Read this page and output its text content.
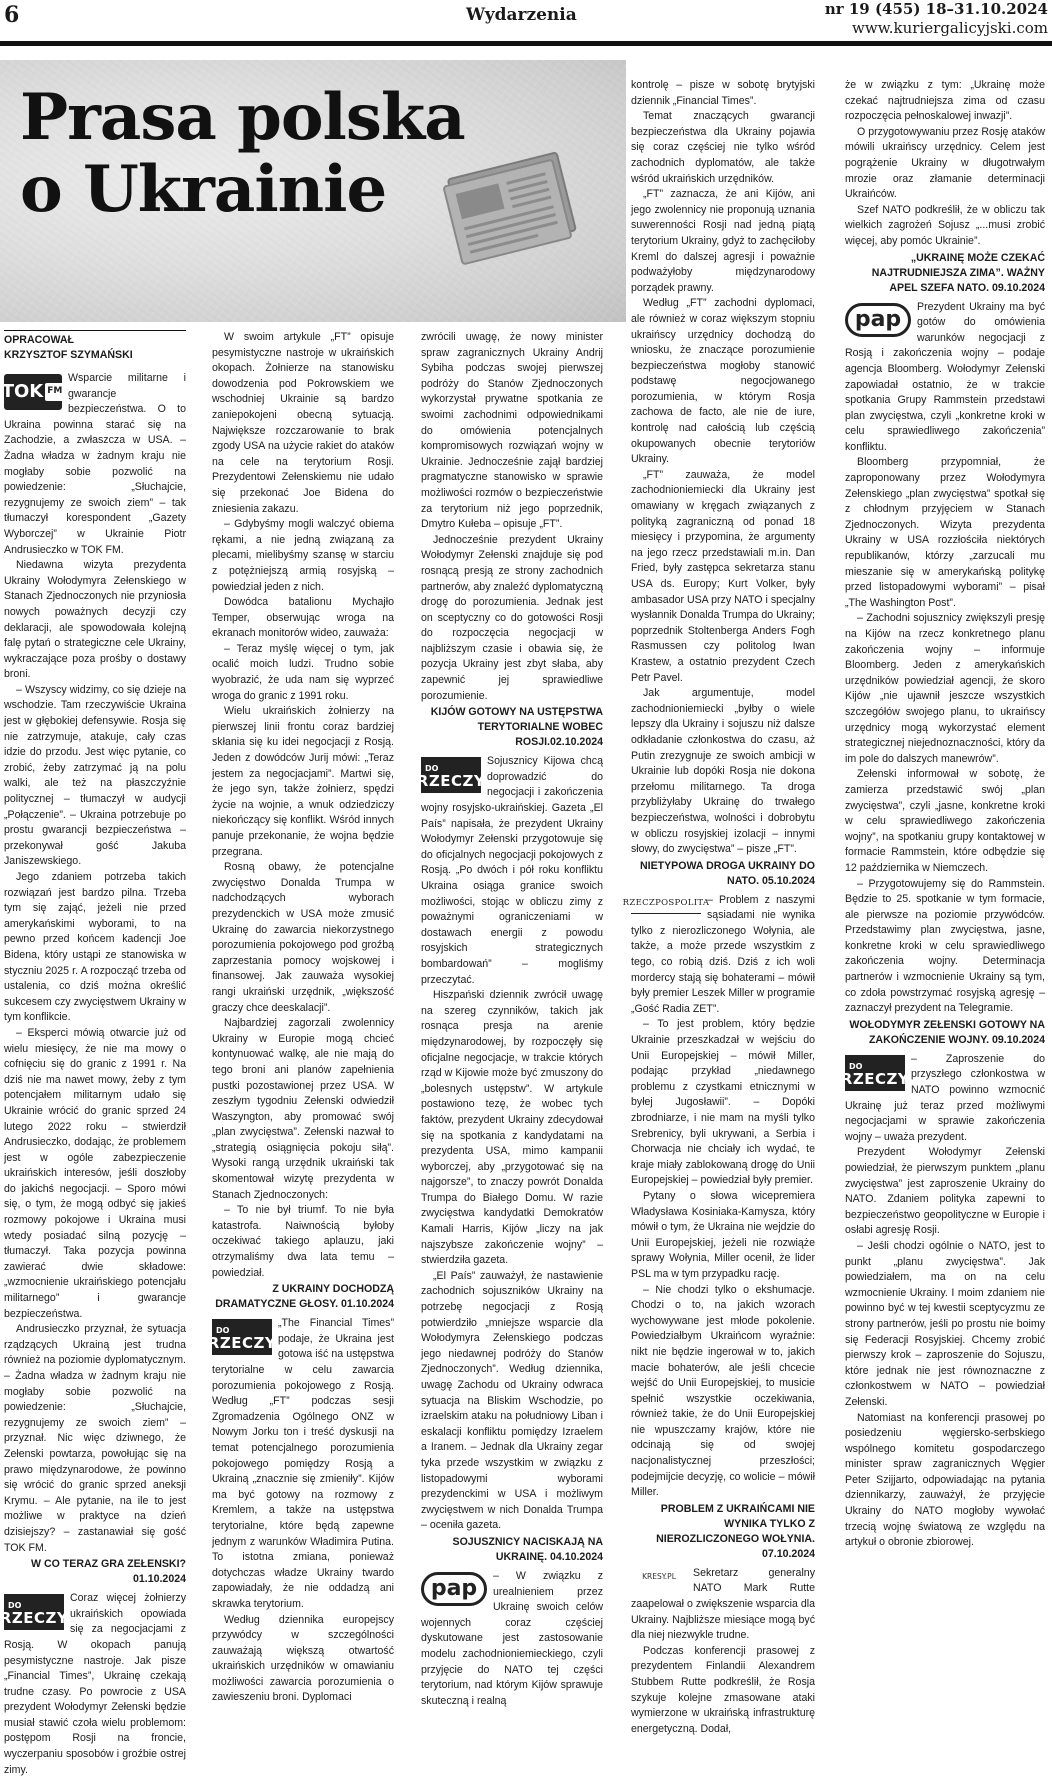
6	Wydarzenia	nr 19 (455) 18–31.10.2024
www.kuriergalicyjski.com
Prasa polska
o Ukrainie
OPRACOWAŁ
KRZYSZTOF SZYMAŃSKI
TOK FM

Wsparcie militarne i gwarancje bezpieczeństwa. O to Ukraina powinna starać się na Zachodzie, a zwłaszcza w USA. – Żadna władza w żadnym kraju nie mogłaby sobie pozwolić na powiedzenie: „Słuchajcie, rezygnujemy ze swoich ziem” – tak tłumaczył korespondent „Gazety Wyborczej” w Ukrainie Piotr Andrusieczko w TOK FM.

Niedawna wizyta prezydenta Ukrainy Wołodymyra Zełenskiego w Stanach Zjednoczonych nie przyniosła nowych poważnych decyzji czy deklaracji, ale spowodowała kolejną falę pytań o strategiczne cele Ukrainy, wykraczające poza prośby o dostawy broni.

– Wszyscy widzimy, co się dzieje na wschodzie. Tam rzeczywiście Ukraina jest w głębokiej defensywie. Rosja się nie zatrzymuje, atakuje, cały czas idzie do przodu. Jest więc pytanie, co zrobić, żeby zatrzymać ją na polu walki, ale też na płaszczyźnie politycznej – tłumaczył w audycji „Połączenie”. – Ukraina potrzebuje po prostu gwarancji bezpieczeństwa – przekonywał gość Jakuba Janiszewskiego.

Jego zdaniem potrzeba takich rozwiązań jest bardzo pilna. Trzeba tym się zająć, jeżeli nie przed amerykańskimi wyborami, to na pewno przed końcem kadencji Joe Bidena, który ustąpi ze stanowiska w styczniu 2025 r. A rozpocząć trzeba od ustalenia, co dziś można określić sukcesem czy zwycięstwem Ukrainy w tym konflikcie.

– Eksperci mówią otwarcie już od wielu miesięcy, że nie ma mowy o cofnięciu się do granic z 1991 r. Na dziś nie ma nawet mowy, żeby z tym potencjałem militarnym udało się Ukrainie wrócić do granic sprzed 24 lutego 2022 roku – stwierdził Andrusieczko, dodając, że problemem jest w ogóle zabezpieczenie ukraińskich interesów, jeśli doszłoby do jakichś negocjacji. – Sporo mówi się, o tym, że mogą odbyć się jakieś rozmowy pokojowe i Ukraina musi wtedy posiadać silną pozycję – tłumaczył. Taka pozycja powinna zawierać dwie składowe: „wzmocnienie ukraińskiego potencjału militarnego” i gwarancje bezpieczeństwa.

Andrusieczko przyznał, że sytuacja rządzących Ukrainą jest trudna również na poziomie dyplomatycznym. – Żadna władza w żadnym kraju nie mogłaby sobie pozwolić na powiedzenie: „Słuchajcie, rezygnujemy ze swoich ziem” – przyznał. Nic więc dziwnego, że Zełenski powtarza, powołując się na prawo międzynarodowe, że powinno się wrócić do granic sprzed aneksji Krymu. – Ale pytanie, na ile to jest możliwe w praktyce na dzień dzisiejszy? – zastanawiał się gość TOK FM.

W CO TERAZ GRA ZEŁENSKI? 01.10.2024
DO
RZECZY

Coraz więcej żołnierzy ukraińskich opowiada się za negocjacjami z Rosją. W okopach panują pesymistyczne nastroje. Jak pisze „Financial Times”, Ukrainę czekają trudne czasy. Po powrocie z USA prezydent Wołodymyr Zełenski będzie musiał stawić czoła wielu problemom: postępom Rosji na froncie, wyczerpaniu sposobów i groźbie ostrej zimy.

W swoim artykule „FT” opisuje pesymistyczne nastroje w ukraińskich okopach. Żołnierze na stanowisku dowodzenia pod Pokrowskiem we wschodniej Ukrainie są bardzo zaniepokojeni obecną sytuacją. Największe rozczarowanie to brak zgody USA na użycie rakiet do ataków na cele na terytorium Rosji. Prezydentowi Zełenskiemu nie udało się przekonać Joe Bidena do zniesienia zakazu.

– Gdybyśmy mogli walczyć obiema rękami, a nie jedną związaną za plecami, mielibyśmy szansę w starciu z potężniejszą armią rosyjską – powiedział jeden z nich.

Dowódca batalionu Mychajło Temper, obserwując wroga na ekranach monitorów wideo, zauważa:

– Teraz myślę więcej o tym, jak ocalić moich ludzi. Trudno sobie wyobrazić, że uda nam się wyprzeć wroga do granic z 1991 roku.

Wielu ukraińskich żołnierzy na pierwszej linii frontu coraz bardziej skłania się ku idei negocjacji z Rosją. Jeden z dowódców Jurij mówi: „Teraz jestem za negocjacjami”. Martwi się, że jego syn, także żołnierz, spędzi życie na wojnie, a wnuk odziedziczy niekończący się konflikt. Wśród innych panuje przekonanie, że wojna będzie przegrana.

Rosną obawy, że potencjalne zwycięstwo Donalda Trumpa w nadchodzących wyborach prezydenckich w USA może zmusić Ukrainę do zawarcia niekorzystnego porozumienia pokojowego pod groźbą zaprzestania pomocy wojskowej i finansowej. Jak zauważa wysokiej rangi ukraiński urzędnik, „większość graczy chce deeskalacji”.

Najbardziej zagorzali zwolennicy Ukrainy w Europie mogą chcieć kontynuować walkę, ale nie mają do tego broni ani planów zapełnienia pustki pozostawionej przez USA. W zeszłym tygodniu Zełenski odwiedził Waszyngton, aby promować swój „plan zwycięstwa”. Zełenski nazwał to „strategią osiągnięcia pokoju siłą”. Wysoki rangą urzędnik ukraiński tak skomentował wizytę prezydenta w Stanach Zjednoczonych:

– To nie był triumf. To nie była katastrofa. Naiwnością byłoby oczekiwać takiego aplauzu, jaki otrzymaliśmy dwa lata temu – powiedział.

Z UKRAINY DOCHODZĄ DRAMATYCZNE GŁOSY. 01.10.2024
DO
RZECZY

„The Financial Times” podaje, że Ukraina jest gotowa iść na ustępstwa terytorialne w celu zawarcia porozumienia pokojowego z Rosją. Według „FT” podczas sesji Zgromadzenia Ogólnego ONZ w Nowym Jorku ton i treść dyskusji na temat potencjalnego porozumienia pokojowego pomiędzy Rosją a Ukrainą „znacznie się zmieniły”. Kijów ma być gotowy na rozmowy z Kremlem, a także na ustępstwa terytorialne, które będą zapewne jednym z warunków Władimira Putina. To istotna zmiana, ponieważ dotychczas władze Ukrainy twardo zapowiadały, że nie oddadzą ani skrawka terytorium.

Według dziennika europejscy przywódcy w szczególności zauważają większą otwartość ukraińskich urzędników w omawianiu możliwości zawarcia porozumienia o zawieszeniu broni. Dyplomaci

zwrócili uwagę, że nowy minister spraw zagranicznych Ukrainy Andrij Sybiha podczas swojej pierwszej podróży do Stanów Zjednoczonych wykorzystał prywatne spotkania ze swoimi zachodnimi odpowiednikami do omówienia potencjalnych kompromisowych rozwiązań wojny w Ukrainie. Jednocześnie zajął bardziej pragmatyczne stanowisko w sprawie możliwości rozmów o bezpieczeństwie za terytorium niż jego poprzednik, Dmytro Kułeba – opisuje „FT”.

Jednocześnie prezydent Ukrainy Wołodymyr Zełenski znajduje się pod rosnącą presją ze strony zachodnich partnerów, aby znaleźć dyplomatyczną drogę do porozumienia. Jednak jest on sceptyczny co do gotowości Rosji do rozpoczęcia negocjacji w najbliższym czasie i obawia się, że pozycja Ukrainy jest zbyt słaba, aby zapewnić jej sprawiedliwe porozumienie.

KIJÓW GOTOWY NA USTĘPSTWA TERYTORIALNE WOBEC ROSJI.02.10.2024
DO
RZECZY

Sojusznicy Kijowa chcą doprowadzić do negocjacji i zakończenia wojny rosyjsko-ukraińskiej. Gazeta „El País” napisała, że prezydent Ukrainy Wołodymyr Zełenski przygotowuje się do oficjalnych negocjacji pokojowych z Rosją. „Po dwóch i pół roku konfliktu Ukraina osiąga granice swoich możliwości, stojąc w obliczu zimy z poważnymi ograniczeniami w dostawach energii z powodu rosyjskich strategicznych bombardowań” – mogliśmy przeczytać.

Hiszpański dziennik zwrócił uwagę na szereg czynników, takich jak rosnąca presja na arenie międzynarodowej, by rozpoczęły się oficjalne negocjacje, w trakcie których rząd w Kijowie może być zmuszony do „bolesnych ustępstw”. W artykule postawiono tezę, że wobec tych faktów, prezydent Ukrainy zdecydował się na spotkania z kandydatami na prezydenta USA, mimo kampanii wyborczej, aby „przygotować się na najgorsze”, to znaczy powrót Donalda Trumpa do Białego Domu. W razie zwycięstwa kandydatki Demokratów Kamali Harris, Kijów „liczy na jak najszybsze zakończenie wojny” – stwierdziła gazeta.

„El País” zauważył, że nastawienie zachodnich sojuszników Ukrainy na potrzebę negocjacji z Rosją potwierdziło „mniejsze wsparcie dla Wołodymyra Zełenskiego podczas jego niedawnej podróży do Stanów Zjednoczonych”. Według dziennika, uwagę Zachodu od Ukrainy odwraca sytuacja na Bliskim Wschodzie, po izraelskim ataku na południowy Liban i eskalacji konfliktu pomiędzy Izraelem a Iranem. – Jednak dla Ukrainy zegar tyka przede wszystkim w związku z listopadowymi wyborami prezydenckimi w USA i możliwym zwycięstwem w nich Donalda Trumpa – oceniła gazeta.

SOJUSZNICY NACISKAJĄ NA UKRAINĘ. 04.10.2024
pap

– W związku z urealnieniem przez Ukrainę swoich celów wojennych coraz częściej dyskutowane jest zastosowanie modelu zachodnioniemieckiego, czyli przyjęcie do NATO tej części terytorium, nad którym Kijów sprawuje skuteczną i realną

kontrolę – pisze w sobotę brytyjski dziennik „Financial Times”.

Temat znaczących gwarancji bezpieczeństwa dla Ukrainy pojawia się coraz częściej nie tylko wśród zachodnich dyplomatów, ale także wśród ukraińskich urzędników.

„FT” zaznacza, że ani Kijów, ani jego zwolennicy nie proponują uznania suwerenności Rosji nad jedną piątą terytorium Ukrainy, gdyż to zachęciłoby Kreml do dalszej agresji i poważnie podważyłoby międzynarodowy porządek prawny.

Według „FT” zachodni dyplomaci, ale również w coraz większym stopniu ukraińscy urzędnicy dochodzą do wniosku, że znaczące porozumienie bezpieczeństwa mogłoby stanowić podstawę negocjowanego porozumienia, w którym Rosja zachowa de facto, ale nie de iure, kontrolę nad całością lub częścią okupowanych obecnie terytoriów Ukrainy.

„FT” zauważa, że model zachodnioniemiecki dla Ukrainy jest omawiany w kręgach związanych z polityką zagraniczną od ponad 18 miesięcy i przypomina, że argumenty na jego rzecz przedstawiali m.in. Dan Fried, były zastępca sekretarza stanu USA ds. Europy; Kurt Volker, były ambasador USA przy NATO i specjalny wysłannik Donalda Trumpa do Ukrainy; poprzednik Stoltenberga Anders Fogh Rasmussen czy politolog Iwan Krastew, a ostatnio prezydent Czech Petr Pavel.

Jak argumentuje, model zachodnioniemiecki „byłby o wiele lepszy dla Ukrainy i sojuszu niż dalsze odkładanie członkostwa do czasu, aż Putin zrezygnuje ze swoich ambicji w Ukrainie lub dopóki Rosja nie dokona przełomu militarnego. Ta droga przybliżyłaby Ukrainę do trwałego bezpieczeństwa, wolności i dobrobytu w obliczu rosyjskiej izolacji – innymi słowy, do zwycięstwa” – pisze „FT”.

NIETYPOWA DROGA UKRAINY DO NATO. 05.10.2024
RZECZPOSPOLITA

– Problem z naszymi sąsiadami nie wynika tylko z nierozliczonego Wołynia, ale także, a może przede wszystkim z tego, co robią dziś. Dziś z ich woli mordercy stają się bohaterami – mówił były premier Leszek Miller w programie „Gość Radia ZET”.

– To jest problem, który będzie Ukrainie przeszkadzał w wejściu do Unii Europejskiej – mówił Miller, podając przykład „niedawnego problemu z czystkami etnicznymi w byłej Jugosławii”. – Dopóki zbrodniarze, i nie mam na myśli tylko Srebrenicy, byli ukrywani, a Serbia i Chorwacja nie chciały ich wydać, te kraje miały zablokowaną drogę do Unii Europejskiej – powiedział były premier.

Pytany o słowa wicepremiera Władysława Kosiniaka-Kamysza, który mówił o tym, że Ukraina nie wejdzie do Unii Europejskiej, jeżeli nie rozwiąże sprawy Wołynia, Miller ocenił, że lider PSL ma w tym przypadku rację.

– Nie chodzi tylko o ekshumacje. Chodzi o to, na jakich wzorach wychowywane jest młode pokolenie. Powiedziałbym Ukraińcom wyraźnie: nikt nie będzie ingerował w to, jakich macie bohaterów, ale jeśli chcecie wejść do Unii Europejskiej, to musicie spełnić wszystkie oczekiwania, również takie, że do Unii Europejskiej nie wpuszczamy krajów, które nie odcinają się od swojej nacjonalistycznej przeszłości; podejmijcie decyzję, co wolicie – mówił Miller.

PROBLEM Z UKRAIŃCAMI NIE WYNIKA TYLKO Z NIEROZLICZONEGO WOŁYNIA. 07.10.2024
KRESY.PL	Sekretarz generalny NATO Mark Rutte zaapelował o zwiększenie wsparcia dla Ukrainy. Najbliższe miesiące mogą być dla niej niezwykle trudne.

Podczas konferencji prasowej z prezydentem Finlandii Alexandrem Stubbem Rutte podkreślił, że Rosja szykuje kolejne zmasowane ataki wymierzone w ukraińską infrastrukturę energetyczną. Dodał,

że w związku z tym: „Ukrainę może czekać najtrudniejsza zima od czasu rozpoczęcia pełnoskalowej inwazji”.

O przygotowywaniu przez Rosję ataków mówili ukraińscy urzędnicy. Celem jest pogrążenie Ukrainy w długotrwałym mrozie oraz złamanie determinacji Ukraińców.

Szef NATO podkreślił, że w obliczu tak wielkich zagrożeń Sojusz „...musi zrobić więcej, aby pomóc Ukrainie”.

„UKRAINĘ MOŻE CZEKAĆ NAJTRUDNIEJSZA ZIMA”. WAŻNY APEL SZEFA NATO. 09.10.2024
pap

Prezydent Ukrainy ma być gotów do omówienia warunków negocjacji z Rosją i zakończenia wojny – podaje agencja Bloomberg. Wołodymyr Zełenski zapowiadał ostatnio, że w trakcie spotkania Grupy Rammstein przedstawi plan zwycięstwa, czyli „konkretne kroki w celu sprawiedliwego zakończenia” konfliktu.

Bloomberg przypomniał, że zaproponowany przez Wołodymyra Zełenskiego „plan zwycięstwa” spotkał się z chłodnym przyjęciem w Stanach Zjednoczonych. Wizyta prezydenta Ukrainy w USA rozzłościła niektórych republikanów, którzy „zarzucali mu mieszanie się w amerykańską politykę przed listopadowymi wyborami” – pisał „The Washington Post”.

– Zachodni sojusznicy zwiększyli presję na Kijów na rzecz konkretnego planu zakończenia wojny – informuje Bloomberg. Jeden z amerykańskich urzędników powiedział agencji, że skoro Kijów „nie ujawnił jeszcze wszystkich szczegółów swojego planu, to ukraińscy urzędnicy mogą wykorzystać element strategicznej niejednoznaczności, który da im pole do dalszych manewrów”.

Zełenski informował w sobotę, że zamierza przedstawić swój „plan zwycięstwa”, czyli „jasne, konkretne kroki w celu sprawiedliwego zakończenia wojny”, na spotkaniu grupy kontaktowej w formacie Rammstein, które odbędzie się 12 października w Niemczech.

– Przygotowujemy się do Rammstein. Będzie to 25. spotkanie w tym formacie, ale pierwsze na poziomie przywódców. Przedstawimy plan zwycięstwa, jasne, konkretne kroki w celu sprawiedliwego zakończenia wojny. Determinacja partnerów i wzmocnienie Ukrainy są tym, co zdoła powstrzymać rosyjską agresję – zaznaczył prezydent na Telegramie.

WOŁODYMYR ZEŁENSKI GOTOWY NA ZAKOŃCZENIE WOJNY. 09.10.2024
DO
RZECZY

– Zaproszenie do przyszłego członkostwa w NATO powinno wzmocnić Ukrainę już teraz przed możliwymi negocjacjami w sprawie zakończenia wojny – uważa prezydent.

Prezydent Wołodymyr Zełenski powiedział, że pierwszym punktem „planu zwycięstwa” jest zaproszenie Ukrainy do NATO. Zdaniem polityka zapewni to bezpieczeństwo geopolityczne w Europie i osłabi agresję Rosji.

– Jeśli chodzi ogólnie o NATO, jest to punkt „planu zwycięstwa”. Jak powiedziałem, ma on na celu wzmocnienie Ukrainy. I moim zdaniem nie powinno być w tej kwestii sceptycyzmu ze strony partnerów, jeśli po prostu nie boimy się Federacji Rosyjskiej. Chcemy zrobić pierwszy krok – zaproszenie do Sojuszu, które jednak nie jest równoznaczne z członkostwem w NATO – powiedział Zełenski.

Natomiast na konferencji prasowej po posiedzeniu węgiersko-serbskiego wspólnego komitetu gospodarczego minister spraw zagranicznych Węgier Peter Szijjarto, odpowiadając na pytania dziennikarzy, zauważył, że przyjęcie Ukrainy do NATO mogłoby wywołać trzecią wojnę światową ze względu na artykuł o obronie zbiorowej.
